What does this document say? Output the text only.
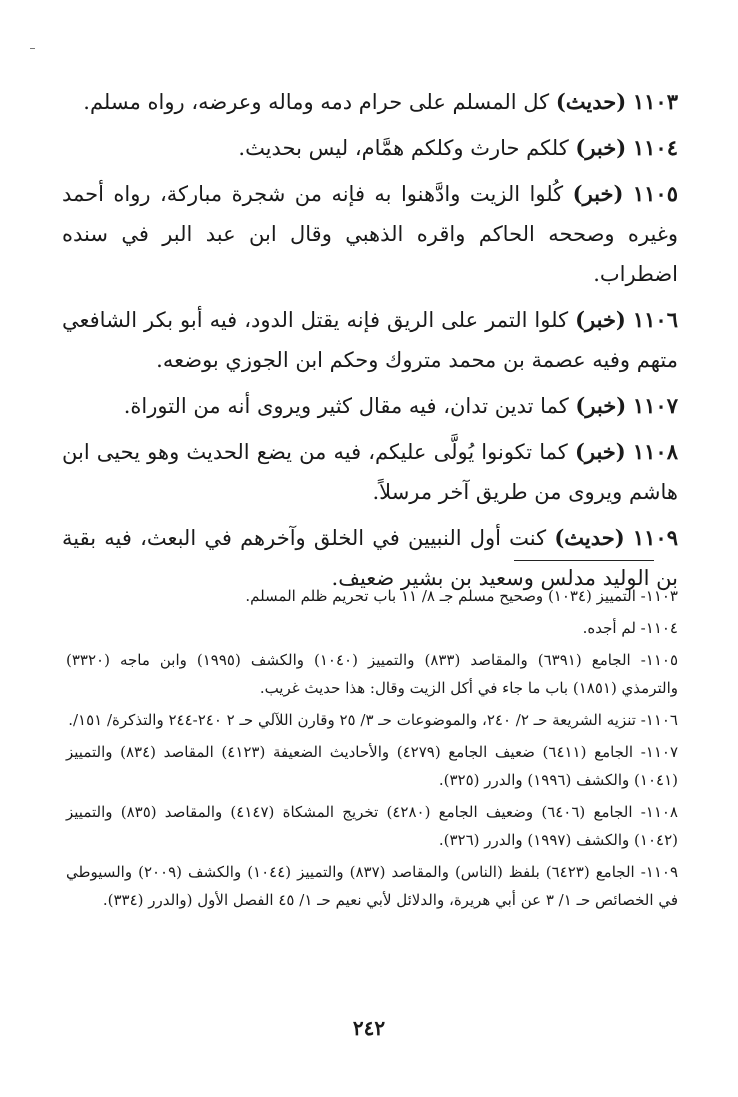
١١٠٣ (حديث) كل المسلم على حرام دمه وماله وعرضه، رواه مسلم.

١١٠٤ (خبر) كلكم حارث وكلكم همَّام، ليس بحديث.

١١٠٥ (خبر) كُلوا الزيت وادَّهنوا به فإنه من شجرة مباركة، رواه أحمد وغيره وصححه الحاكم واقره الذهبي وقال ابن عبد البر في سنده اضطراب.

١١٠٦ (خبر) كلوا التمر على الريق فإنه يقتل الدود، فيه أبو بكر الشافعي متهم وفيه عصمة بن محمد متروك وحكم ابن الجوزي بوضعه.

١١٠٧ (خبر) كما تدين تدان، فيه مقال كثير ويروى أنه من التوراة.

١١٠٨ (خبر) كما تكونوا يُولَّى عليكم، فيه من يضع الحديث وهو يحيى ابن هاشم ويروى من طريق آخر مرسلاً.

١١٠٩ (حديث) كنت أول النبيين في الخلق وآخرهم في البعث، فيه بقية بن الوليد مدلس وسعيد بن بشير ضعيف.

١١٠٣- التمييز (١٠٣٤) وصحيح مسلم جـ ٨/ ١١ باب تحريم ظلم المسلم.

١١٠٤- لم أجده.

١١٠٥- الجامع (٦٣٩١) والمقاصد (٨٣٣) والتمييز (١٠٤٠) والكشف (١٩٩٥) وابن ماجه (٣٣٢٠) والترمذي (١٨٥١) باب ما جاء في أكل الزيت وقال: هذا حديث غريب.

١١٠٦- تنزيه الشريعة حـ ٢/ ٢٤٠، والموضوعات حـ ٣/ ٢٥ وقارن اللآلي حـ ٢ ٢٤٠-٢٤٤ والتذكرة/ ١٥١/.

١١٠٧- الجامع (٦٤١١) ضعيف الجامع (٤٢٧٩) والأحاديث الضعيفة (٤١٢٣) المقاصد (٨٣٤) والتمييز (١٠٤١) والكشف (١٩٩٦) والدرر (٣٢٥).

١١٠٨- الجامع (٦٤٠٦) وضعيف الجامع (٤٢٨٠) تخريج المشكاة (٤١٤٧) والمقاصد (٨٣٥) والتمييز (١٠٤٢) والكشف (١٩٩٧) والدرر (٣٢٦).

١١٠٩- الجامع (٦٤٢٣) بلفظ (الناس) والمقاصد (٨٣٧) والتمييز (١٠٤٤) والكشف (٢٠٠٩) والسيوطي في الخصائص حـ ١/ ٣ عن أبي هريرة، والدلائل لأبي نعيم حـ ١/ ٤٥ الفصل الأول (والدرر (٣٣٤).

٢٤٢
